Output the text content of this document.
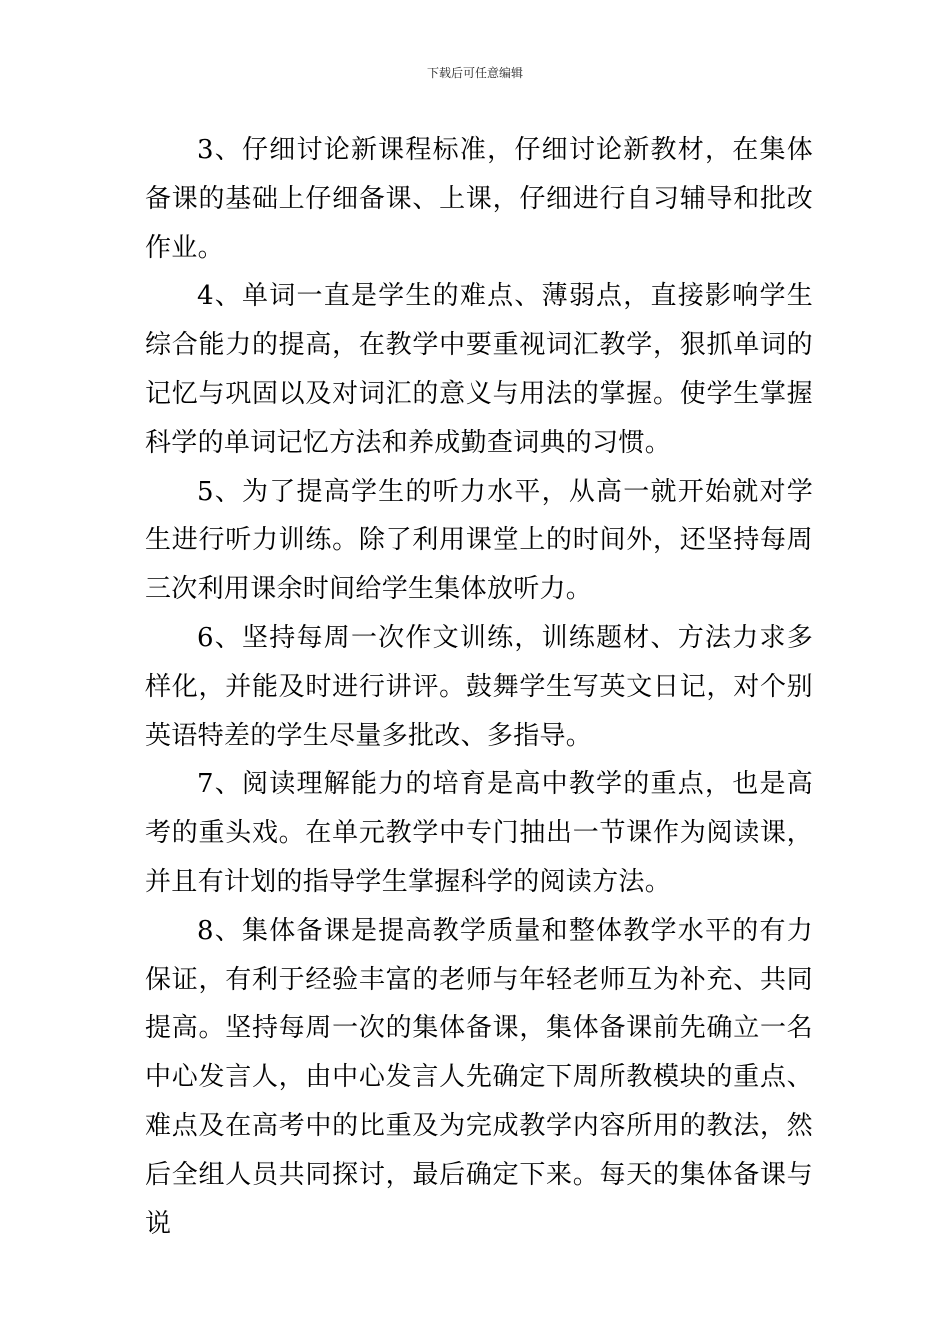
下载后可任意编辑

3、仔细讨论新课程标准，仔细讨论新教材，在集体备课的基础上仔细备课、上课，仔细进行自习辅导和批改作业。

4、单词一直是学生的难点、薄弱点，直接影响学生综合能力的提高，在教学中要重视词汇教学，狠抓单词的记忆与巩固以及对词汇的意义与用法的掌握。使学生掌握科学的单词记忆方法和养成勤查词典的习惯。

5、为了提高学生的听力水平，从高一就开始就对学生进行听力训练。除了利用课堂上的时间外，还坚持每周三次利用课余时间给学生集体放听力。

6、坚持每周一次作文训练，训练题材、方法力求多样化，并能及时进行讲评。鼓舞学生写英文日记，对个别英语特差的学生尽量多批改、多指导。

7、阅读理解能力的培育是高中教学的重点，也是高考的重头戏。在单元教学中专门抽出一节课作为阅读课，并且有计划的指导学生掌握科学的阅读方法。

8、集体备课是提高教学质量和整体教学水平的有力保证，有利于经验丰富的老师与年轻老师互为补充、共同提高。坚持每周一次的集体备课，集体备课前先确立一名中心发言人，由中心发言人先确定下周所教模块的重点、难点及在高考中的比重及为完成教学内容所用的教法，然后全组人员共同探讨，最后确定下来。每天的集体备课与说
